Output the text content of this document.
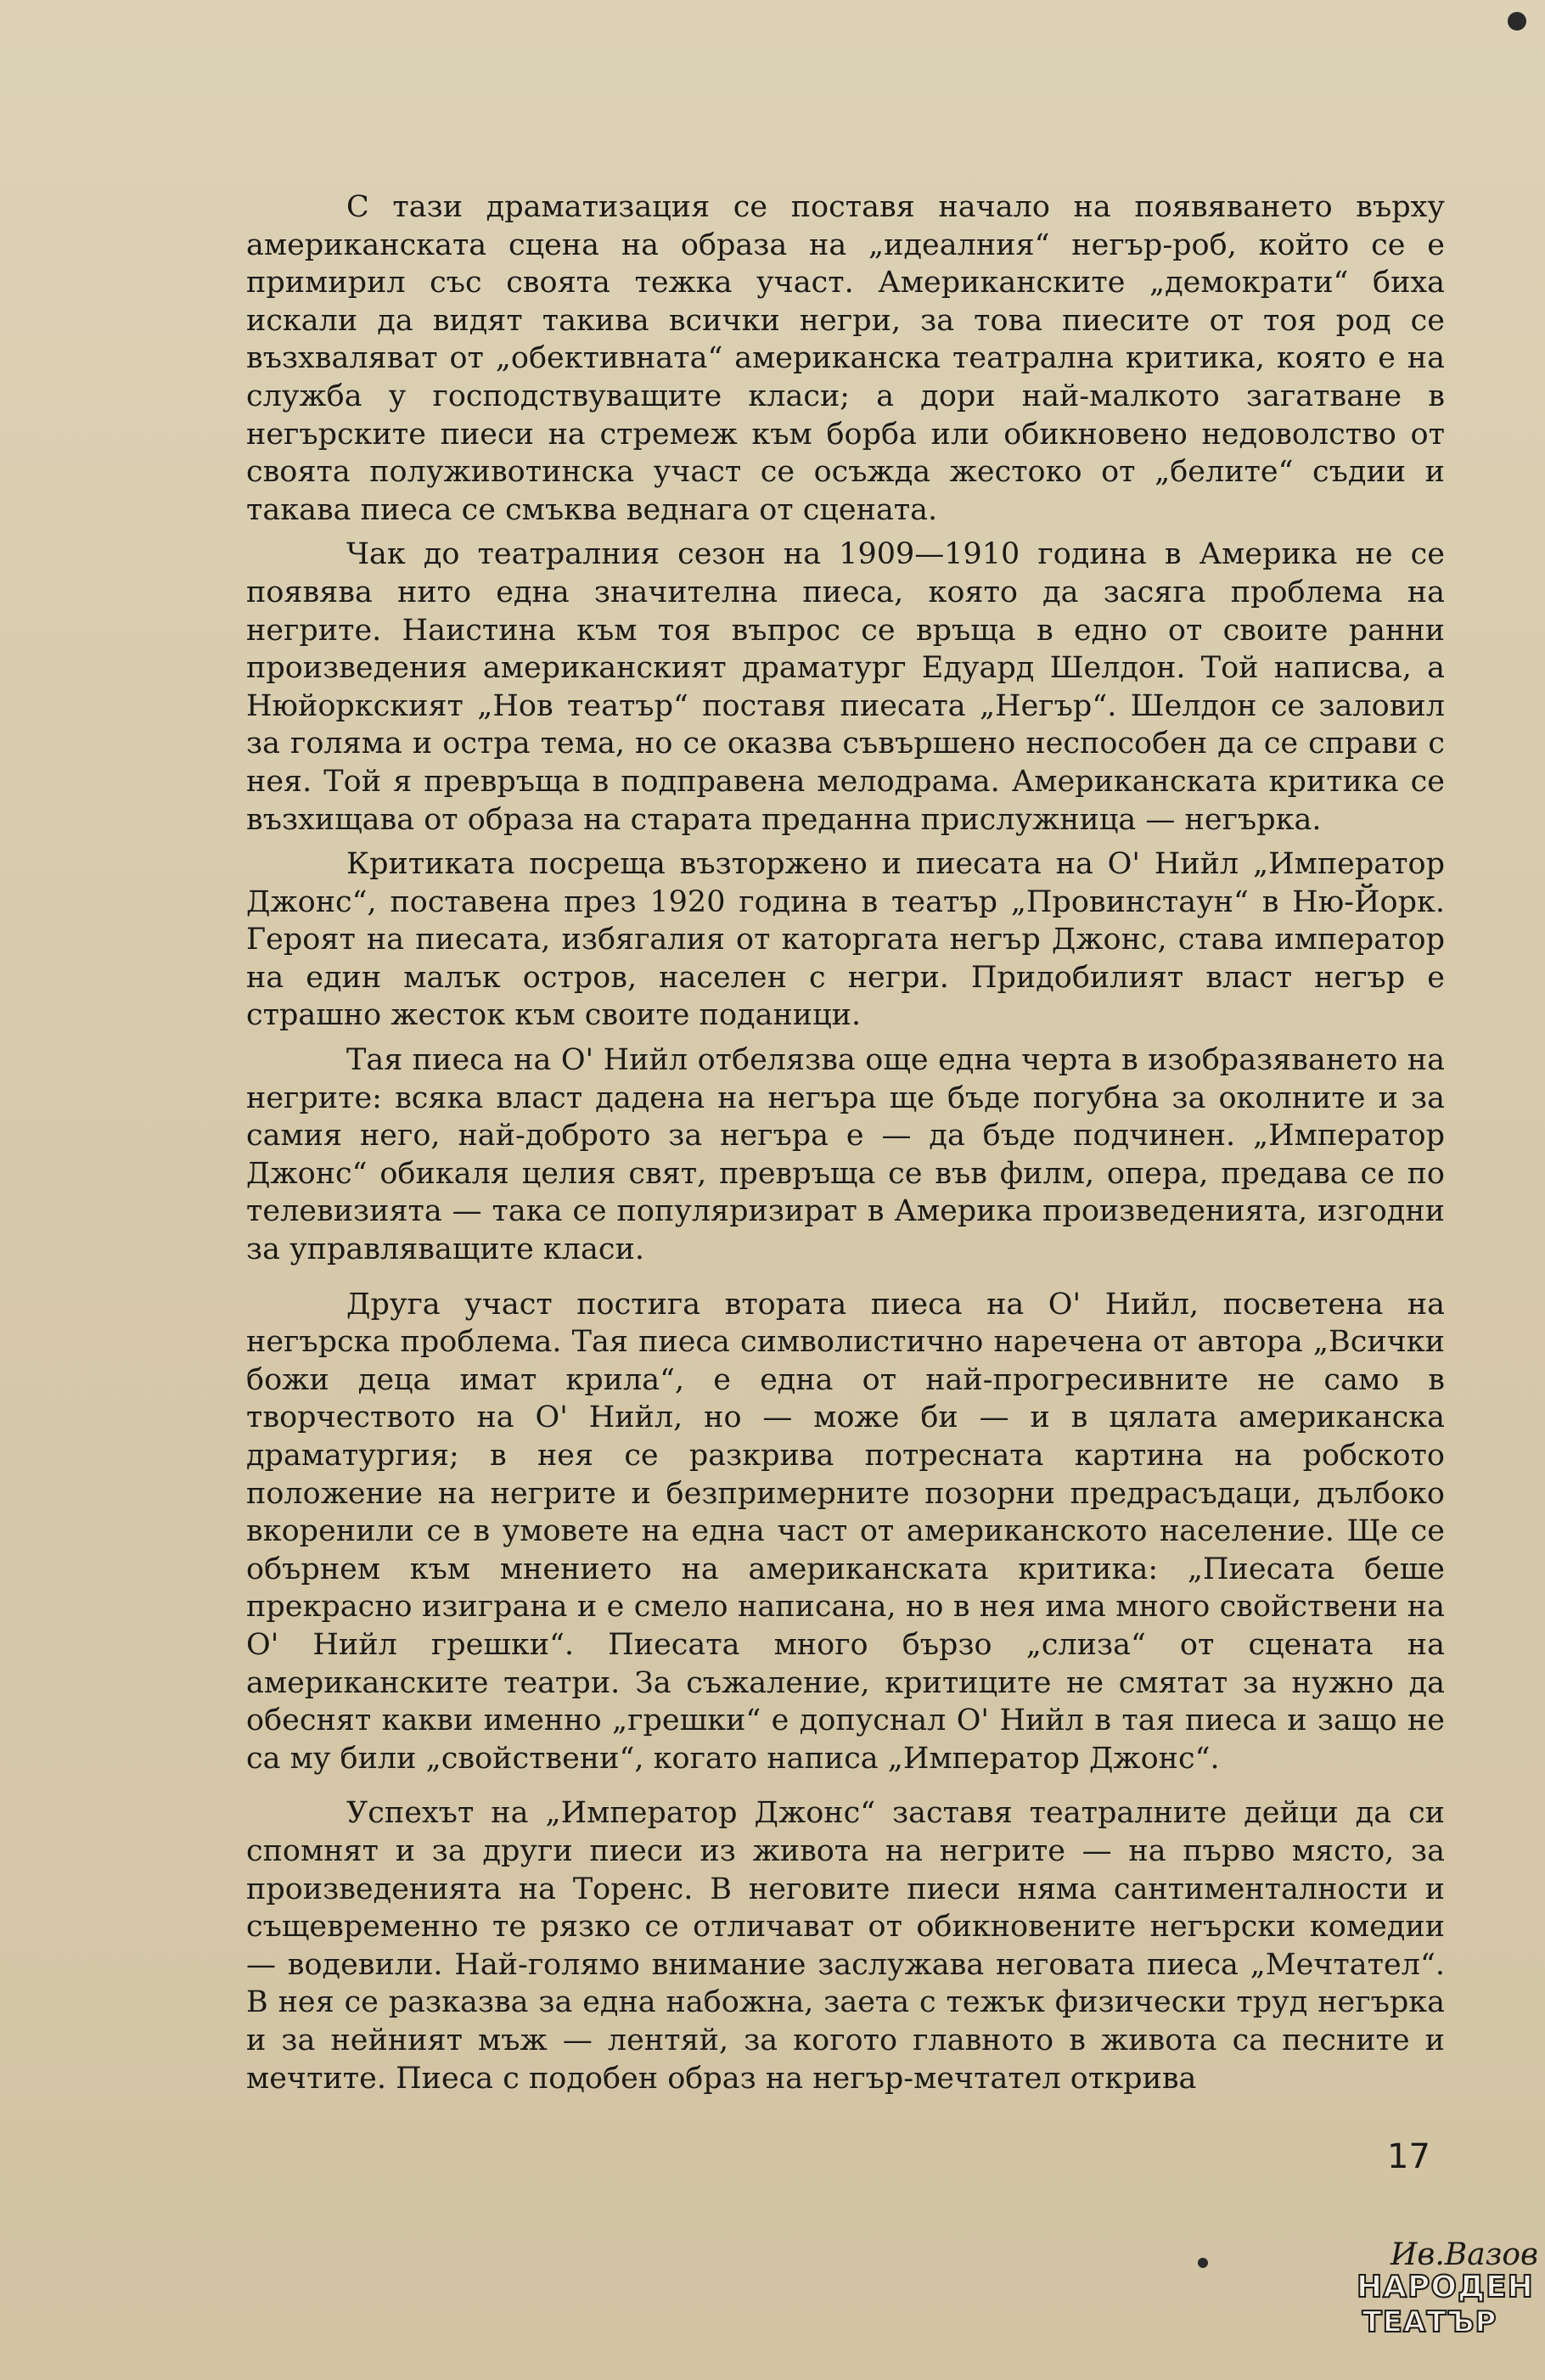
С тази драматизация се поставя начало на появяването върху американската сцена на образа на „идеалния“ негър-роб, който се е примирил със своята тежка участ. Американските „демократи“ биха искали да видят такива всички негри, за това пиесите от тоя род се възхваляват от „обективната“ американска театрална критика, която е на служба у господствуващите класи; а дори най-малкото загатване в негърските пиеси на стремеж към борба или обикновено недоволство от своята полуживотинска участ се осъжда жестоко от „белите“ съдии и такава пиеса се смъква веднага от сцената.

Чак до театралния сезон на 1909—1910 година в Америка не се появява нито една значителна пиеса, която да засяга проблема на негрите. Наистина към тоя въпрос се връща в едно от своите ранни произведения американският драматург Едуард Шелдон. Той написва, а Нюйоркският „Нов театър“ поставя пиесата „Негър“. Шелдон се заловил за голяма и остра тема, но се оказва съвършено неспособен да се справи с нея. Той я превръща в подправена мелодрама. Американската критика се възхищава от образа на старата преданна прислужница — негърка.

Критиката посреща възторжено и пиесата на О' Нийл „Император Джонс“, поставена през 1920 година в театър „Провинстаун“ в Ню-Йорк. Героят на пиесата, избягалия от каторгата негър Джонс, става император на един малък остров, населен с негри. Придобилият власт негър е страшно жесток към своите поданици.

Тая пиеса на О' Нийл отбелязва още една черта в изобразяването на негрите: всяка власт дадена на негъра ще бъде погубна за околните и за самия него, най-доброто за негъра е — да бъде подчинен. „Император Джонс“ обикаля целия свят, превръща се във филм, опера, предава се по телевизията — така се популяризират в Америка произведенията, изгодни за управляващите класи.

Друга участ постига втората пиеса на О' Нийл, посветена на негърска проблема. Тая пиеса символистично наречена от автора „Всички божи деца имат крила“, е една от най-прогресивните не само в творчеството на О' Нийл, но — може би — и в цялата американска драматургия; в нея се разкрива потресната картина на робското положение на негрите и безпримерните позорни предрасъдаци, дълбоко вкоренили се в умовете на една част от американското население. Ще се обърнем към мнението на американската критика: „Пиесата беше прекрасно изиграна и е смело написана, но в нея има много свойствени на О' Нийл грешки“. Пиесата много бързо „слиза“ от сцената на американските театри. За съжаление, критиците не смятат за нужно да обеснят какви именно „грешки“ е допуснал О' Нийл в тая пиеса и защо не са му били „свойствени“, когато написа „Император Джонс“.

Успехът на „Император Джонс“ заставя театралните дейци да си спомнят и за други пиеси из живота на негрите — на първо място, за произведенията на Торенс. В неговите пиеси няма сантименталности и същевременно те рязко се отличават от обикновените негърски комедии — водевили. Най-голямо внимание заслужава неговата пиеса „Мечтател“. В нея се разказва за една набожна, заета с тежък физически труд негърка и за нейният мъж — лентяй, за когото главното в живота са песните и мечтите. Пиеса с подобен образ на негър-мечтател открива

17
Ив.Вазов
НАРОДЕН
ТЕАТЪР
